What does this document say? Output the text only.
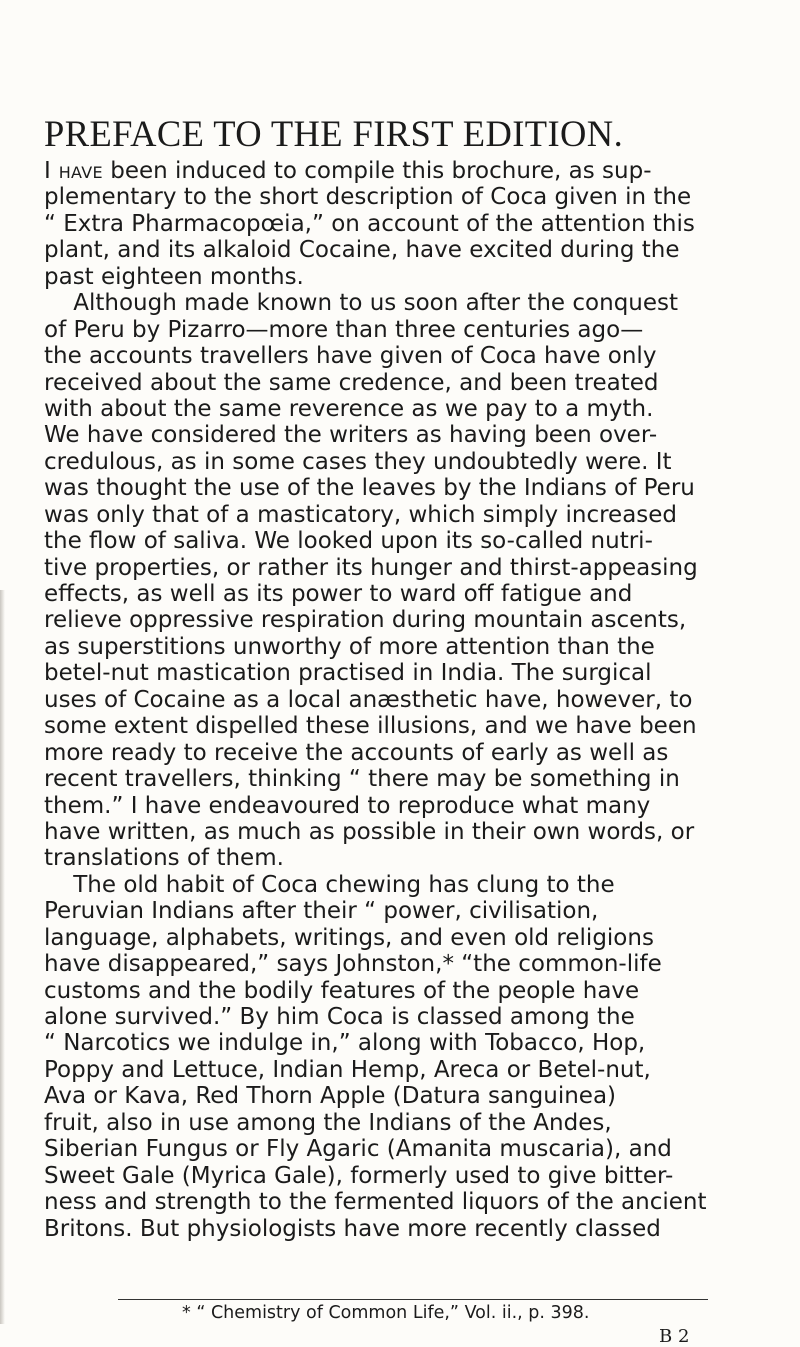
PREFACE TO THE FIRST EDITION.
I have been induced to compile this brochure, as sup-
plementary to the short description of Coca given in the
“ Extra Pharmacopœia,” on account of the attention this
plant, and its alkaloid Cocaine, have excited during the
past eighteen months.
Although made known to us soon after the conquest
of Peru by Pizarro—more than three centuries ago—
the accounts travellers have given of Coca have only
received about the same credence, and been treated
with about the same reverence as we pay to a myth.
We have considered the writers as having been over-
credulous, as in some cases they undoubtedly were. It
was thought the use of the leaves by the Indians of Peru
was only that of a masticatory, which simply increased
the flow of saliva. We looked upon its so-called nutri-
tive properties, or rather its hunger and thirst-appeasing
effects, as well as its power to ward off fatigue and
relieve oppressive respiration during mountain ascents,
as superstitions unworthy of more attention than the
betel-nut mastication practised in India. The surgical
uses of Cocaine as a local anæsthetic have, however, to
some extent dispelled these illusions, and we have been
more ready to receive the accounts of early as well as
recent travellers, thinking “ there may be something in
them.” I have endeavoured to reproduce what many
have written, as much as possible in their own words, or
translations of them.
The old habit of Coca chewing has clung to the
Peruvian Indians after their “ power, civilisation,
language, alphabets, writings, and even old religions
have disappeared,” says Johnston,* “the common-life
customs and the bodily features of the people have
alone survived.” By him Coca is classed among the
“ Narcotics we indulge in,” along with Tobacco, Hop,
Poppy and Lettuce, Indian Hemp, Areca or Betel-nut,
Ava or Kava, Red Thorn Apple (Datura sanguinea)
fruit, also in use among the Indians of the Andes,
Siberian Fungus or Fly Agaric (Amanita muscaria), and
Sweet Gale (Myrica Gale), formerly used to give bitter-
ness and strength to the fermented liquors of the ancient
Britons. But physiologists have more recently classed
* “ Chemistry of Common Life,” Vol. ii., p. 398.
B 2
